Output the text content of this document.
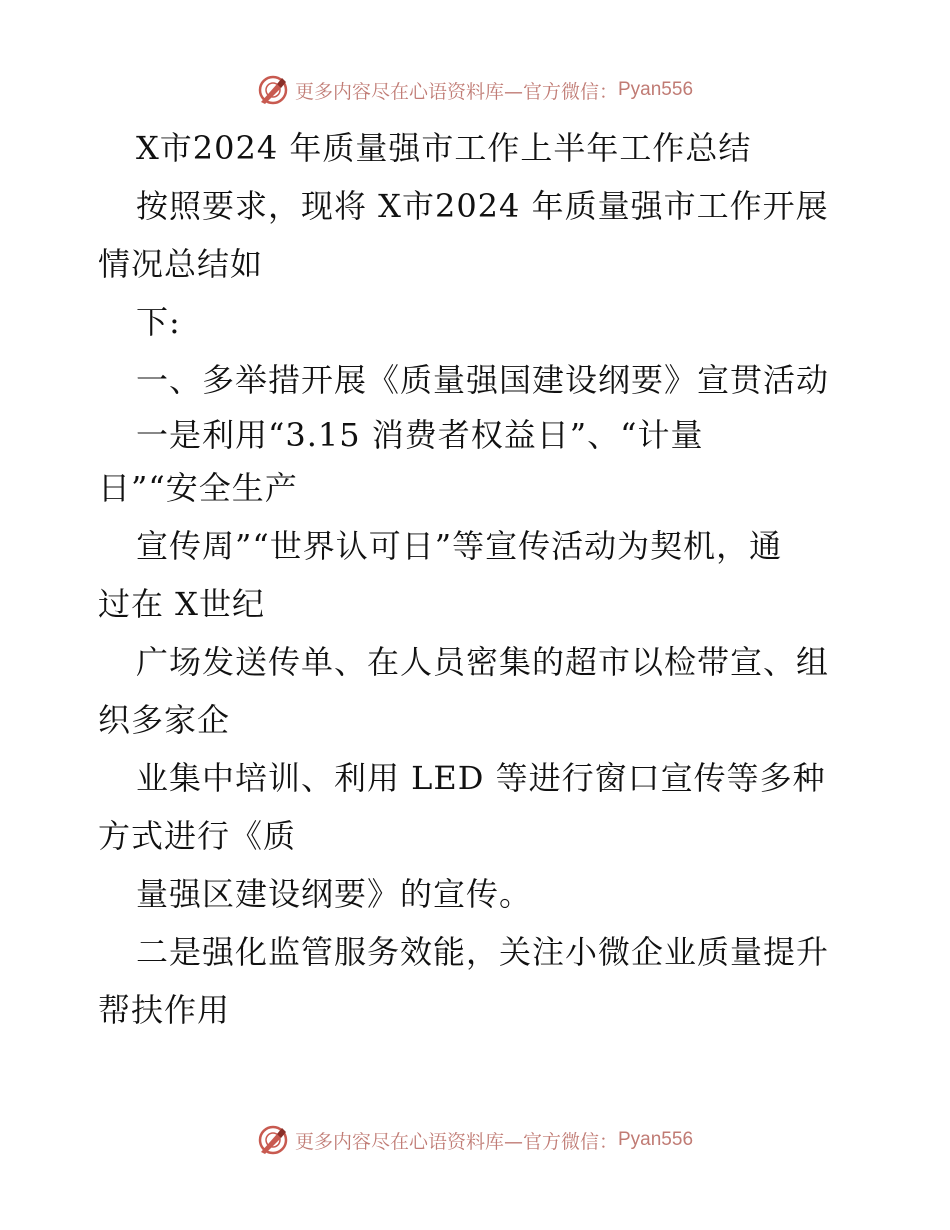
更多内容尽在心语资料库—官方微信： Pyan556
X市2024 年质量强市工作上半年工作总结
按照要求，现将 X市2024 年质量强市工作开展
情况总结如
下:
一、多举措开展《质量强国建设纲要》宣贯活动
一是利用“3.15 消费者权益日”、“计量
日”“安全生产
宣传周”“世界认可日”等宣传活动为契机，通
过在 X世纪
广场发送传单、在人员密集的超市以检带宣、组
织多家企
业集中培训、利用 LED 等进行窗口宣传等多种
方式进行《质
量强区建设纲要》的宣传。
二是强化监管服务效能，关注小微企业质量提升
帮扶作用
更多内容尽在心语资料库—官方微信： Pyan556
